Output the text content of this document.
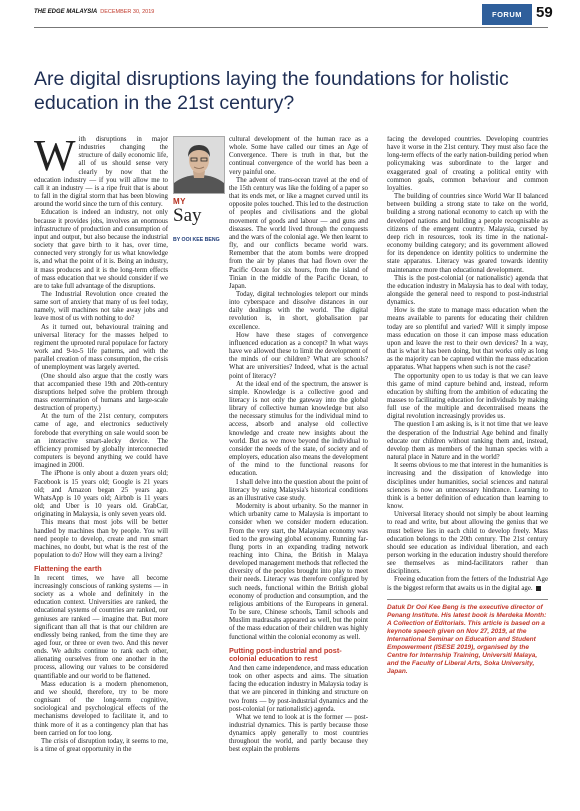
THE EDGE MALAYSIA DECEMBER 30, 2019	FORUM 59
Are digital disruptions laying the foundations for holistic education in the 21st century?

With disruptions in major industries changing the structure of daily economic life, all of us should sense very clearly by now that the education industry — if you will allow me to call it an industry — is a ripe fruit that is about to fall in the digital storm that has been blowing around the world since the turn of this century.

Education is indeed an industry, not only because it provides jobs, involves an enormous infrastructure of production and consumption of input and output, but also because the industrial society that gave birth to it has, over time, connected very strongly for us what knowledge is, and what the point of it is. Being an industry, it mass produces and it is the long-term effects of mass education that we should consider if we are to take full advantage of the disruptions.

The Industrial Revolution once created the same sort of anxiety that many of us feel today, namely, will machines not take away jobs and leave most of us with nothing to do?

As it turned out, behavioural training and universal literacy for the masses helped to regiment the uprooted rural populace for factory work and 9-to-5 life patterns, and with the parallel creation of mass consumption, the crisis of unemployment was largely averted.

(One should also argue that the costly wars that accompanied these 19th and 20th-century disruptions helped solve the problem through mass extermination of humans and large-scale destruction of property.)

At the turn of the 21st century, computers came of age, and electronics seductively forebode that everything on sale would soon be an interactive smart-alecky device. The efficiency promised by globally interconnected computers is beyond anything we could have imagined in 2000.

The iPhone is only about a dozen years old; Facebook is 15 years old; Google is 21 years old; and Amazon began 25 years ago. WhatsApp is 10 years old; Airbnb is 11 years old; and Uber is 10 years old. GrabCar, originating in Malaysia, is only seven years old.

This means that most jobs will be better handled by machines than by people. You will need people to develop, create and run smart machines, no doubt, but what is the rest of the population to do? How will they earn a living?

Flattening the earth

In recent times, we have all become increasingly conscious of ranking systems — in society as a whole and definitely in the education context. Universities are ranked, the educational systems of countries are ranked, our geniuses are ranked — imagine that. But more significant than all that is that our children are endlessly being ranked, from the time they are aged four, or three or even two. And this never ends. We adults continue to rank each other, alienating ourselves from one another in the process, allowing our values to be considered quantifiable and our world to be flattened.

Mass education is a modern phenomenon, and we should, therefore, try to be more cognisant of the long-term cognitive, sociological and psychological effects of the mechanisms developed to facilitate it, and to think more of it as a contingency plan that has been carried on for too long.

The crisis of disruption today, it seems to me, is a time of great opportunity in the

MY
Say
BY OOI KEE BENG

cultural development of the human race as a whole. Some have called our times an Age of Convergence. There is truth in that, but the continual convergence of the world has been a very painful one.

The advent of trans-ocean travel at the end of the 15th century was like the folding of a paper so that its ends met, or like a magnet curved until its opposite poles touched. This led to the destruction of peoples and civilisations and the global movement of goods and labour — and guns and diseases. The world lived through the conquests and the wars of the colonial age. We then learnt to fly, and our conflicts became world wars. Remember that the atom bombs were dropped from the air by planes that had flown over the Pacific Ocean for six hours, from the island of Tinian in the middle of the Pacific Ocean, to Japan.

Today, digital technologies teleport our minds into cyberspace and dissolve distances in our daily dealings with the world. The digital revolution is, in short, globalisation par excellence.

How have these stages of convergence influenced education as a concept? In what ways have we allowed these to limit the development of the minds of our children? What are schools? What are universities? Indeed, what is the actual point of literacy?

At the ideal end of the spectrum, the answer is simple. Knowledge is a collective good and literacy is not only the gateway into the global library of collective human knowledge but also the necessary stimulus for the individual mind to access, absorb and analyse old collective knowledge and create new insights about the world. But as we move beyond the individual to consider the needs of the state, of society and of employers, education also means the development of the mind to the functional reasons for education.

I shall delve into the question about the point of literacy by using Malaysia's historical conditions as an illustrative case study.

Modernity is about urbanity. So the manner in which urbanity came to Malaysia is important to consider when we consider modern education. From the very start, the Malaysian economy was tied to the growing global economy. Running far-flung ports in an expanding trading network reaching into China, the British in Malaya developed management methods that reflected the diversity of the peoples brought into play to meet their needs. Literacy was therefore configured by such needs, functional within the British global economy of production and consumption, and the religious ambitions of the Europeans in general. To be sure, Chinese schools, Tamil schools and Muslim madrasahs appeared as well, but the point of the mass education of their children was highly functional within the colonial economy as well.

Putting post-industrial and post-colonial education to rest

And then came independence, and mass education took on other aspects and aims. The situation facing the education industry in Malaysia today is that we are pincered in thinking and structure on two fronts — by post-industrial dynamics and the post-colonial (or nationalistic) agenda.

What we tend to look at is the former — post-industrial dynamics. This is partly because those dynamics apply generally to most countries throughout the world, and partly because they best explain the problems

facing the developed countries. Developing countries have it worse in the 21st century. They must also face the long-term effects of the early nation-building period when policymaking was subordinate to the larger and exaggerated goal of creating a political entity with common goals, common behaviour and common loyalties.

The building of countries since World War II balanced between building a strong state to take on the world, building a strong national economy to catch up with the developed nations and building a people recognisable as citizens of the emergent country. Malaysia, cursed by deep rich in resources, took its time in the national-economy building category; and its government allowed for its dependence on identity politics to undermine the state apparatus. Literacy was geared towards identity maintenance more than educational development.

This is the post-colonial (or nationalistic) agenda that the education industry in Malaysia has to deal with today, alongside the general need to respond to post-industrial dynamics.

How is the state to manage mass education when the means available to parents for educating their children today are so plentiful and varied? Will it simply impose mass education on those it can impose mass education upon and leave the rest to their own devices? In a way, that is what it has been doing, but that works only as long as the majority can be captured within the mass education apparatus. What happens when such is not the case?

The opportunity open to us today is that we can leave this game of mind capture behind and, instead, reform education by shifting from the ambition of educating the masses to facilitating education for individuals by making full use of the multiple and decentralised means the digital revolution increasingly provides us.

The question I am asking is, is it not time that we leave the desperation of the Industrial Age behind and finally educate our children without ranking them and, instead, develop them as members of the human species with a natural place in Nature and in the world?

It seems obvious to me that interest in the humanities is increasing and the dissipation of knowledge into disciplines under humanities, social sciences and natural sciences is now an unnecessary hindrance. Learning to think is a better definition of education than learning to know.

Universal literacy should not simply be about learning to read and write, but about allowing the genius that we must believe lies in each child to develop freely. Mass education belongs to the 20th century. The 21st century should see education as individual liberation, and each person working in the education industry should therefore see themselves as mind-facilitators rather than disciplinors.

Freeing education from the fetters of the Industrial Age is the biggest reform that awaits us in the digital age.

Datuk Dr Ooi Kee Beng is the executive director of Penang Institute. His latest book is Merdeka Month: A Collection of Editorials. This article is based on a keynote speech given on Nov 27, 2019, at the International Seminar on Education and Student Empowerment (ISESE 2019), organised by the Centre for Internship Training, Universiti Malaya, and the Faculty of Liberal Arts, Soka University, Japan.
